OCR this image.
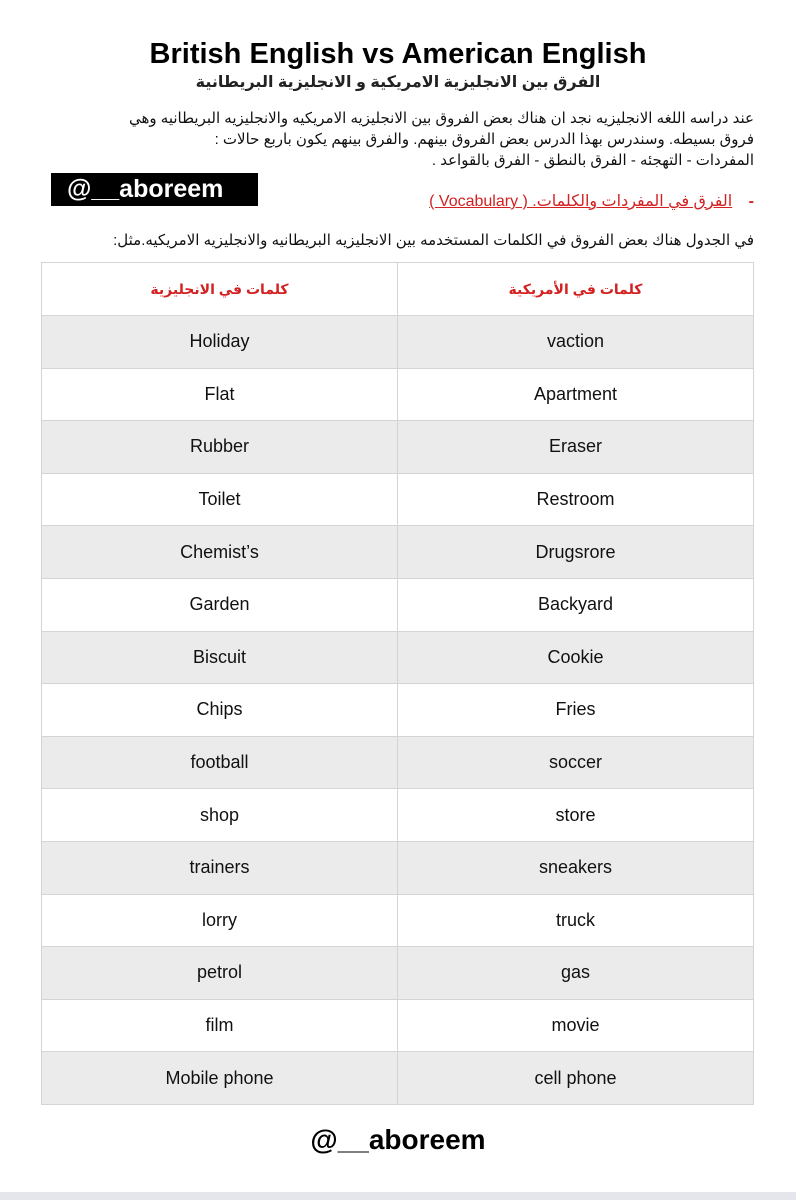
British English vs American English
الفرق بين الانجليزية الامريكية و الانجليزية البريطانية
عند دراسه اللغه الانجليزيه نجد ان هناك بعض الفروق بين الانجليزيه الامريكيه والانجليزيه البريطانيه وهي
فروق بسيطه. وسندرس بهذا الدرس بعض الفروق بينهم. والفرق بينهم يكون باربع حالات :
المفردات - التهجئه - الفرق بالنطق - الفرق بالقواعد .
@__aboreem	- الفرق في المفردات والكلمات. ( Vocabulary )
في الجدول هناك بعض الفروق في الكلمات المستخدمه بين الانجليزيه البريطانيه والانجليزيه الامريكيه.مثل:
كلمات في الانجليزية	كلمات في الأمريكية
Holiday	vaction
Flat	Apartment
Rubber	Eraser
Toilet	Restroom
Chemist’s	Drugsrore
Garden	Backyard
Biscuit	Cookie
Chips	Fries
football	soccer
shop	store
trainers	sneakers
lorry	truck
petrol	gas
film	movie
Mobile phone	cell phone
@__aboreem
